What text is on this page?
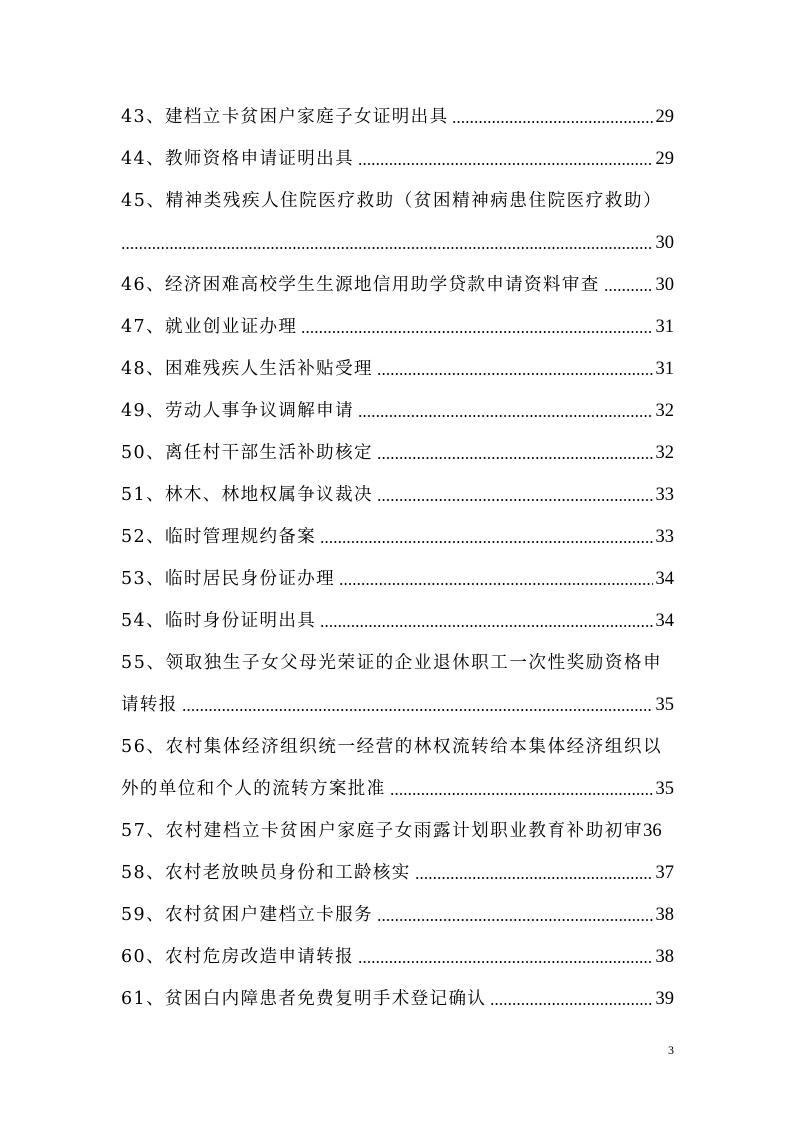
43、建档立卡贫困户家庭子女证明出具	29
44、教师资格申请证明出具	29
45、精神类残疾人住院医疗救助（贫困精神病患住院医疗救助）
30
46、经济困难高校学生生源地信用助学贷款申请资料审查	30
47、就业创业证办理	31
48、困难残疾人生活补贴受理	31
49、劳动人事争议调解申请	32
50、离任村干部生活补助核定	32
51、林木、林地权属争议裁决	33
52、临时管理规约备案	33
53、临时居民身份证办理	34
54、临时身份证明出具	34
55、领取独生子女父母光荣证的企业退休职工一次性奖励资格申
请转报	35
56、农村集体经济组织统一经营的林权流转给本集体经济组织以
外的单位和个人的流转方案批准	35
57、农村建档立卡贫困户家庭子女雨露计划职业教育补助初审 36
58、农村老放映员身份和工龄核实	37
59、农村贫困户建档立卡服务	38
60、农村危房改造申请转报	38
61、贫困白内障患者免费复明手术登记确认	39
3
